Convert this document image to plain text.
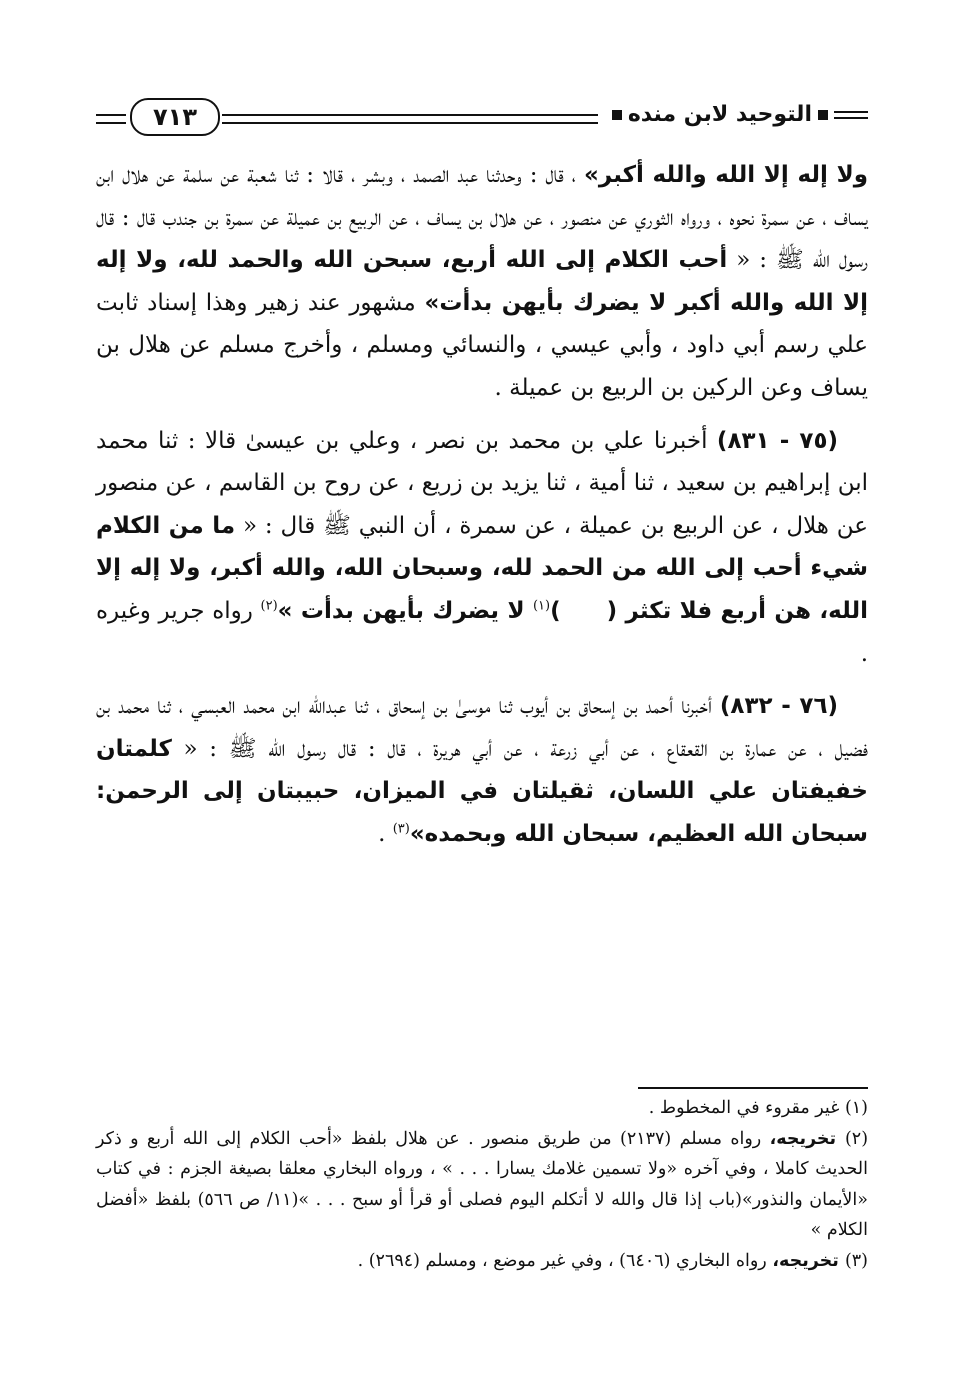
التوحيد لابن منده
٧١٣

ولا إله إلا الله والله أكبر» ، قال : وحدثنا عبد الصمد ، وبشر ، قالا : ثنا شعبة عن سلمة عن هلال ابن يساف ، عن سمرة نحوه ، ورواه الثوري عن منصور ، عن هلال بن يساف ، عن الربيع بن عميلة عن سمرة بن جندب قال : قال رسول الله ﷺ : « أحب الكلام إلى الله أربع، سبحن الله والحمد لله، ولا إله إلا الله والله أكبر لا يضرك بأيهن بدأت» مشهور عند زهير وهذا إسناد ثابت علي رسم أبي داود ، وأبي عيسي ، والنسائي ومسلم ، وأخرج مسلم عن هلال بن يساف وعن الركين بن الربيع بن عميلة .

(٧٥ - ٨٣١) أخبرنا علي بن محمد بن نصر ، وعلي بن عيسىٰ قالا : ثنا محمد ابن إبراهيم بن سعيد ، ثنا أمية ، ثنا يزيد بن زريع ، عن روح بن القاسم ، عن منصور عن هلال ، عن الربيع بن عميلة ، عن سمرة ، أن النبي ﷺ قال : « ما من الكلام شيء أحب إلى الله من الحمد لله، وسبحان الله، والله أكبر، ولا إله إلا الله، هن أربع فلا تكثر ()$^{(١)}$ لا يضرك بأيهن بدأت »$^{(٢)}$ رواه جرير وغيره .

(٧٦ - ٨٣٢) أخبرنا أحمد بن إسحاق بن أيوب ثنا موسىٰ بن إسحاق ، ثنا عبدالله ابن محمد العبسي ، ثنا محمد بن فضيل ، عن عمارة بن القعقاع ، عن أبي زرعة ، عن أبي هريرة ، قال : قال رسول الله ﷺ : « كلمتان خفيفتان علي اللسان، ثقيلتان في الميزان، حبيبتان إلى الرحمن: سبحان الله العظيم، سبحان الله وبحمده»$^{(٣)}$ .

(١) غير مقروء في المخطوط .

(٢) تخريجه، رواه مسلم (٢١٣٧) من طريق منصور . عن هلال بلفظ «أحب الكلام إلى الله أربع و ذكر الحديث كاملا ، وفي آخره «ولا تسمين غلامك يسارا . . . » ، ورواه البخاري معلقا بصيغة الجزم : في كتاب «الأيمان والنذور»(باب إذا قال والله لا أتكلم اليوم فصلى أو قرأ أو سبح . . . »(١١/ ص ٥٦٦) بلفظ «أفضل الكلام »

(٣) تخريجه، رواه البخاري (٦٤٠٦) ، وفي غير موضع ، ومسلم (٢٦٩٤) .
